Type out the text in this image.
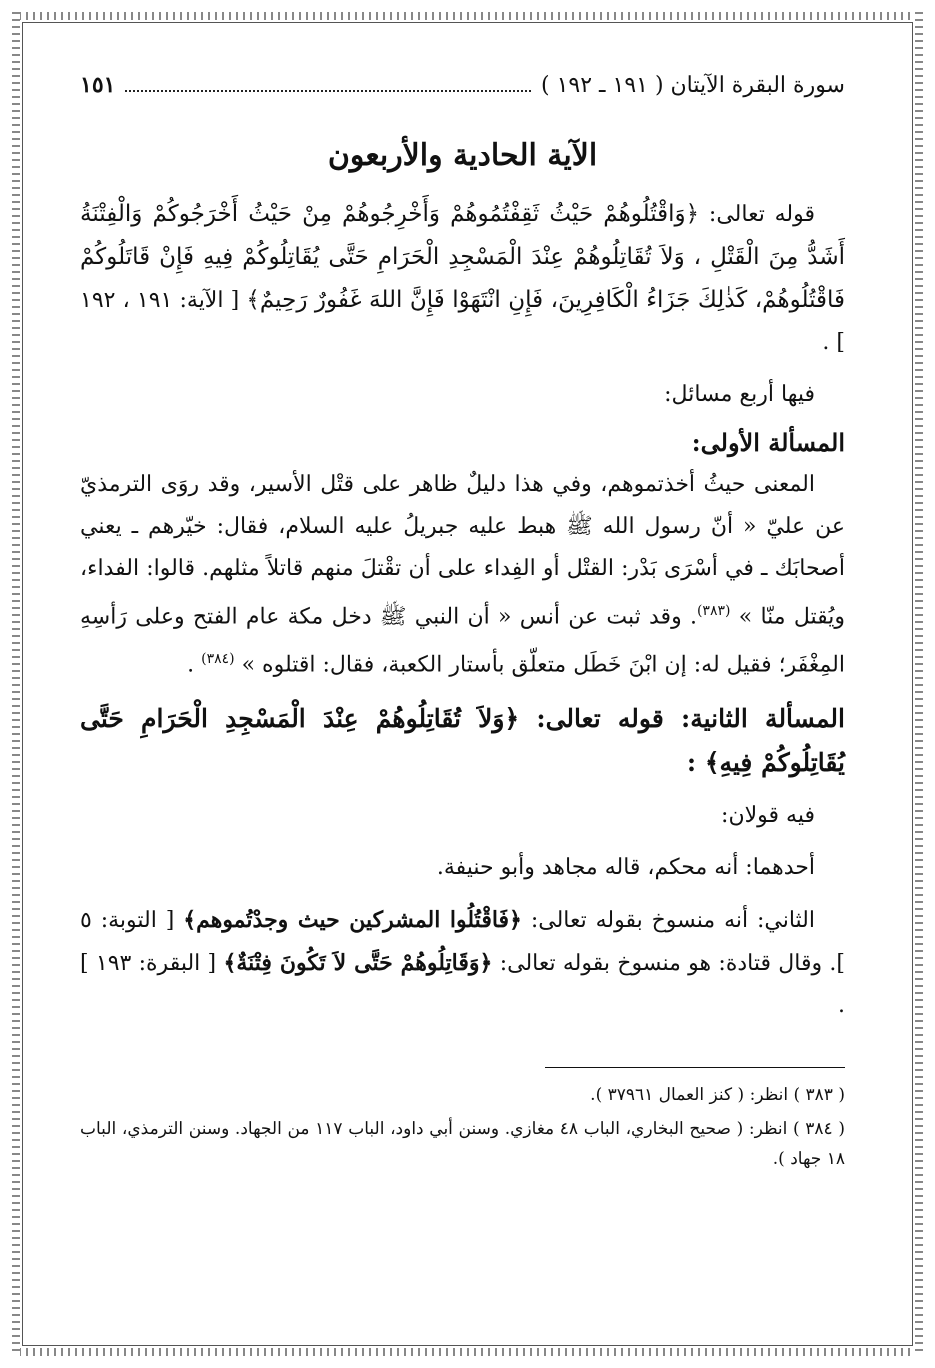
سورة البقرة الآيتان ( ١٩١ ـ ١٩٢ )
١٥١
الآية الحادية والأربعون

قوله تعالى: ﴿وَاقْتُلُوهُمْ حَيْثُ ثَقِفْتُمُوهُمْ وَأَخْرِجُوهُمْ مِنْ حَيْثُ أَخْرَجُوكُمْ وَالْفِتْنَةُ أَشَدُّ مِنَ الْقَتْلِ ، وَلاَ تُقَاتِلُوهُمْ عِنْدَ الْمَسْجِدِ الْحَرَامِ حَتَّى يُقَاتِلُوكُمْ فِيهِ فَإِنْ قَاتَلُوكُمْ فَاقْتُلُوهُمْ، كَذٰلِكَ جَزَاءُ الْكَافِرِينَ، فَإِنِ انْتَهَوْا فَإِنَّ اللهَ غَفُورٌ رَحِيمٌ﴾ [ الآية: ١٩١ ، ١٩٢ ] .

فيها أربع مسائل:

المسألة الأولى:

المعنى حيثُ أخذتموهم، وفي هذا دليلٌ ظاهر على قتْل الأسير، وقد روَى الترمذيّ عن عليّ « أنّ رسول الله ﷺ هبط عليه جبريلُ عليه السلام، فقال: خيّرهم ـ يعني أصحابَك ـ في أسْرَى بَدْر: القتْل أو الفِداء على أن تقْتلَ منهم قاتلاً مثلهم. قالوا: الفداء، ويُقتل منّا » $^{(٣٨٣)}$. وقد ثبت عن أنس « أن النبي ﷺ دخل مكة عام الفتح وعلى رَأسِهِ المِغْفَر؛ فقيل له: إن ابْنَ خَطَل متعلّق بأستار الكعبة، فقال: اقتلوه » $^{(٣٨٤)}$ .

المسألة الثانية: قوله تعالى: ﴿وَلاَ تُقَاتِلُوهُمْ عِنْدَ الْمَسْجِدِ الْحَرَامِ حَتَّى يُقَاتِلُوكُمْ فِيهِ﴾ :

فيه قولان:

أحدهما: أنه محكم، قاله مجاهد وأبو حنيفة.

الثاني: أنه منسوخ بقوله تعالى: ﴿فَاقْتُلُوا المشركين حيث وجدْتُموهم﴾ [ التوبة: ٥ ]. وقال قتادة: هو منسوخ بقوله تعالى: ﴿وَقَاتِلُوهُمْ حَتَّى لاَ تَكُونَ فِتْنَةٌ﴾ [ البقرة: ١٩٣ ] .

( ٣٨٣ ) انظر: ( كنز العمال ٣٧٩٦١ ).

( ٣٨٤ ) انظر: ( صحيح البخاري، الباب ٤٨ مغازي. وسنن أبي داود، الباب ١١٧ من الجهاد. وسنن الترمذي، الباب ١٨ جهاد ).
